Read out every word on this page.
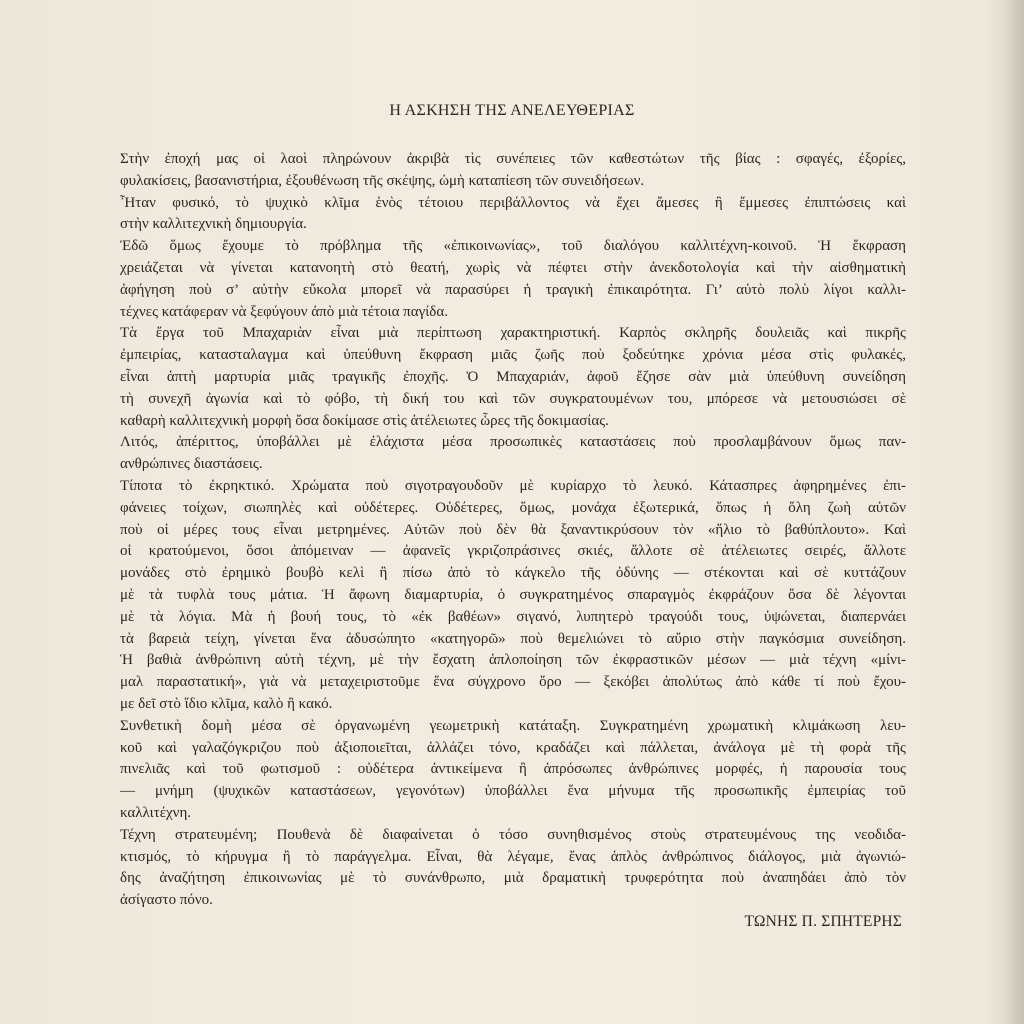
Η ΑΣΚΗΣΗ ΤΗΣ ΑΝΕΛΕΥΘΕΡΙΑΣ
Στὴν ἐποχή μας οἱ λαοὶ πληρώνουν ἀκριβὰ τὶς συνέπειες τῶν καθεστώτων τῆς βίας : σφαγές, ἐξορίες,
φυλακίσεις, βασανιστήρια, ἐξουθένωση τῆς σκέψης, ὠμὴ καταπίεση τῶν συνειδήσεων.
Ἦταν φυσικό, τὸ ψυχικὸ κλῖμα ἑνὸς τέτοιου περιβάλλοντος νὰ ἔχει ἄμεσες ἢ ἔμμεσες ἐπιπτώσεις καὶ
στὴν καλλιτεχνικὴ δημιουργία.
Ἐδῶ ὅμως ἔχουμε τὸ πρόβλημα τῆς «ἐπικοινωνίας», τοῦ διαλόγου καλλιτέχνη-κοινοῦ. Ἡ ἔκφραση
χρειάζεται νὰ γίνεται κατανοητὴ στὸ θεατή, χωρὶς νὰ πέφτει στὴν ἀνεκδοτολογία καὶ τὴν αἰσθηματικὴ
ἀφήγηση ποὺ σ’ αὐτὴν εὔκολα μπορεῖ νὰ παρασύρει ἡ τραγικὴ ἐπικαιρότητα. Γι’ αὐτὸ πολὺ λίγοι καλλι-
τέχνες κατάφεραν νὰ ξεφύγουν ἀπὸ μιὰ τέτοια παγίδα.
Τὰ ἔργα τοῦ Μπαχαριὰν εἶναι μιὰ περίπτωση χαρακτηριστική. Καρπὸς σκληρῆς δουλειᾶς καὶ πικρῆς
ἐμπειρίας, κατασταλαγμα καὶ ὑπεύθυνη ἔκφραση μιᾶς ζωῆς ποὺ ξοδεύτηκε χρόνια μέσα στὶς φυλακές,
εἶναι ἁπτὴ μαρτυρία μιᾶς τραγικῆς ἐποχῆς. Ὁ Μπαχαριάν, ἀφοῦ ἔζησε σὰν μιὰ ὑπεύθυνη συνείδηση
τὴ συνεχῆ ἀγωνία καὶ τὸ φόβο, τὴ δική του καὶ τῶν συγκρατουμένων του, μπόρεσε νὰ μετουσιώσει σὲ
καθαρὴ καλλιτεχνικὴ μορφὴ ὅσα δοκίμασε στὶς ἀτέλειωτες ὧρες τῆς δοκιμασίας.
Λιτός, ἀπέριττος, ὑποβάλλει μὲ ἐλάχιστα μέσα προσωπικὲς καταστάσεις ποὺ προσλαμβάνουν ὅμως παν-
ανθρώπινες διαστάσεις.
Τίποτα τὸ ἐκρηκτικό. Χρώματα ποὺ σιγοτραγουδοῦν μὲ κυρίαρχο τὸ λευκό. Κάτασπρες ἀφηρημένες ἐπι-
φάνειες τοίχων, σιωπηλὲς καὶ οὐδέτερες. Οὐδέτερες, ὅμως, μονάχα ἐξωτερικά, ὅπως ἡ ὅλη ζωὴ αὐτῶν
ποὺ οἱ μέρες τους εἶναι μετρημένες. Αὐτῶν ποὺ δὲν θὰ ξαναντικρύσουν τὸν «ἥλιο τὸ βαθύπλουτο». Καὶ
οἱ κρατούμενοι, ὅσοι ἀπόμειναν — ἀφανεῖς γκριζοπράσινες σκιές, ἄλλοτε σὲ ἀτέλειωτες σειρές, ἄλλοτε
μονάδες στὸ ἐρημικὸ βουβὸ κελὶ ἢ πίσω ἀπὸ τὸ κάγκελο τῆς ὀδύνης — στέκονται καὶ σὲ κυττάζουν
μὲ τὰ τυφλὰ τους μάτια. Ἡ ἄφωνη διαμαρτυρία, ὁ συγκρατημένος σπαραγμὸς ἐκφράζουν ὅσα δὲ λέγονται
μὲ τὰ λόγια. Μὰ ἡ βουή τους, τὸ «ἐκ βαθέων» σιγανό, λυπητερὸ τραγούδι τους, ὑψώνεται, διαπερνάει
τὰ βαρειὰ τείχη, γίνεται ἕνα ἀδυσώπητο «κατηγορῶ» ποὺ θεμελιώνει τὸ αὔριο στὴν παγκόσμια συνείδηση.
Ἡ βαθιὰ ἀνθρώπινη αὐτὴ τέχνη, μὲ τὴν ἔσχατη ἁπλοποίηση τῶν ἐκφραστικῶν μέσων — μιὰ τέχνη «μίνι-
μαλ παραστατική», γιὰ νὰ μεταχειριστοῦμε ἕνα σύγχρονο ὅρο — ξεκόβει ἀπολύτως ἀπὸ κάθε τί ποὺ ἔχου-
με δεῖ στὸ ἴδιο κλῖμα, καλὸ ἢ κακό.
Συνθετικὴ δομὴ μέσα σὲ ὀργανωμένη γεωμετρικὴ κατάταξη. Συγκρατημένη χρωματικὴ κλιμάκωση λευ-
κοῦ καὶ γαλαζόγκριζου ποὺ ἀξιοποιεῖται, ἀλλάζει τόνο, κραδάζει καὶ πάλλεται, ἀνάλογα μὲ τὴ φορὰ τῆς
πινελιᾶς καὶ τοῦ φωτισμοῦ : οὐδέτερα ἀντικείμενα ἢ ἀπρόσωπες ἀνθρώπινες μορφές, ἡ παρουσία τους
— μνήμη (ψυχικῶν καταστάσεων, γεγονότων) ὑποβάλλει ἕνα μήνυμα τῆς προσωπικῆς ἐμπειρίας τοῦ
καλλιτέχνη.
Τέχνη στρατευμένη; Πουθενὰ δὲ διαφαίνεται ὁ τόσο συνηθισμένος στοὺς στρατευμένους της νεοδιδα-
κτισμός, τὸ κήρυγμα ἢ τὸ παράγγελμα. Εἶναι, θὰ λέγαμε, ἕνας ἁπλὸς ἀνθρώπινος διάλογος, μιὰ ἀγωνιώ-
δης ἀναζήτηση ἐπικοινωνίας μὲ τὸ συνάνθρωπο, μιὰ δραματικὴ τρυφερότητα ποὺ ἀναπηδάει ἀπὸ τὸν
ἀσίγαστο πόνο.
ΤΩΝΗΣ Π. ΣΠΗΤΕΡΗΣ
